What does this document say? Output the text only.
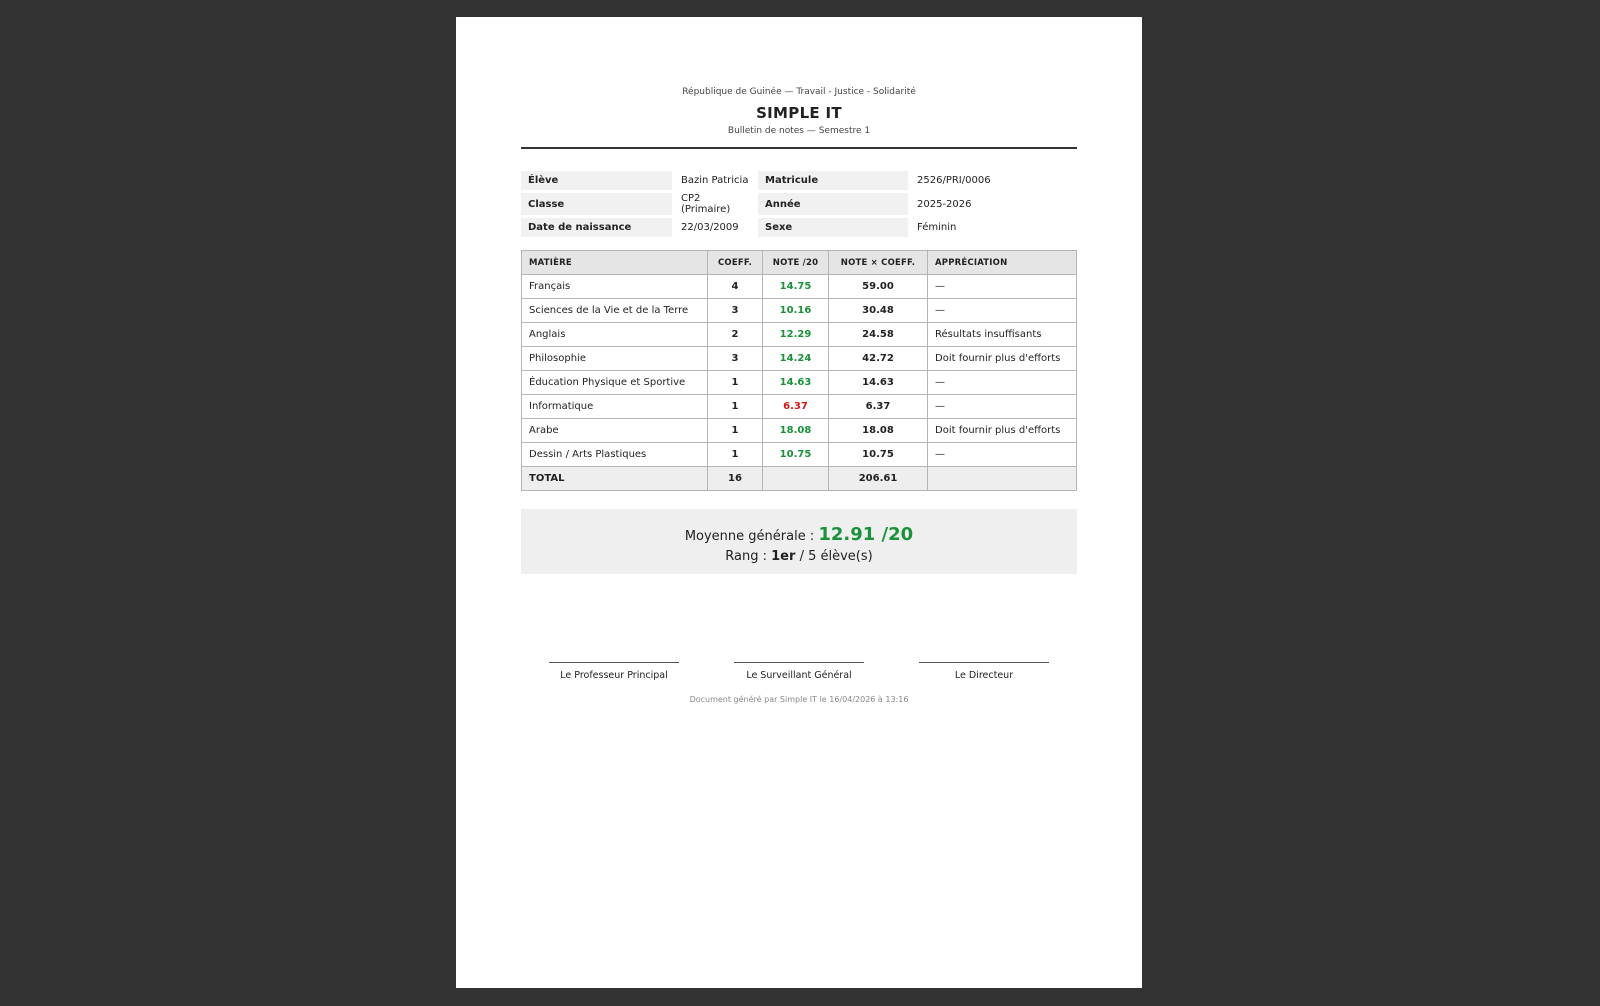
République de Guinée — Travail - Justice - Solidarité
SIMPLE IT
Bulletin de notes — Semestre 1
Élève	Bazin Patricia	Matricule	2526/PRI/0006
Classe	CP2 (Primaire)	Année	2025-2026
Date de naissance	22/03/2009	Sexe	Féminin
MATIÈRE	COEFF.	NOTE /20	NOTE × COEFF.	APPRÉCIATION
Français	4	14.75	59.00	—
Sciences de la Vie et de la Terre	3	10.16	30.48	—
Anglais	2	12.29	24.58	Résultats insuffisants
Philosophie	3	14.24	42.72	Doit fournir plus d'efforts
Éducation Physique et Sportive	1	14.63	14.63	—
Informatique	1	6.37	6.37	—
Arabe	1	18.08	18.08	Doit fournir plus d'efforts
Dessin / Arts Plastiques	1	10.75	10.75	—
TOTAL	16		206.61	
Moyenne générale : 12.91 /20
Rang : 1er / 5 élève(s)
Le Professeur Principal	Le Surveillant Général	Le Directeur
Document généré par Simple IT le 16/04/2026 à 13:16
